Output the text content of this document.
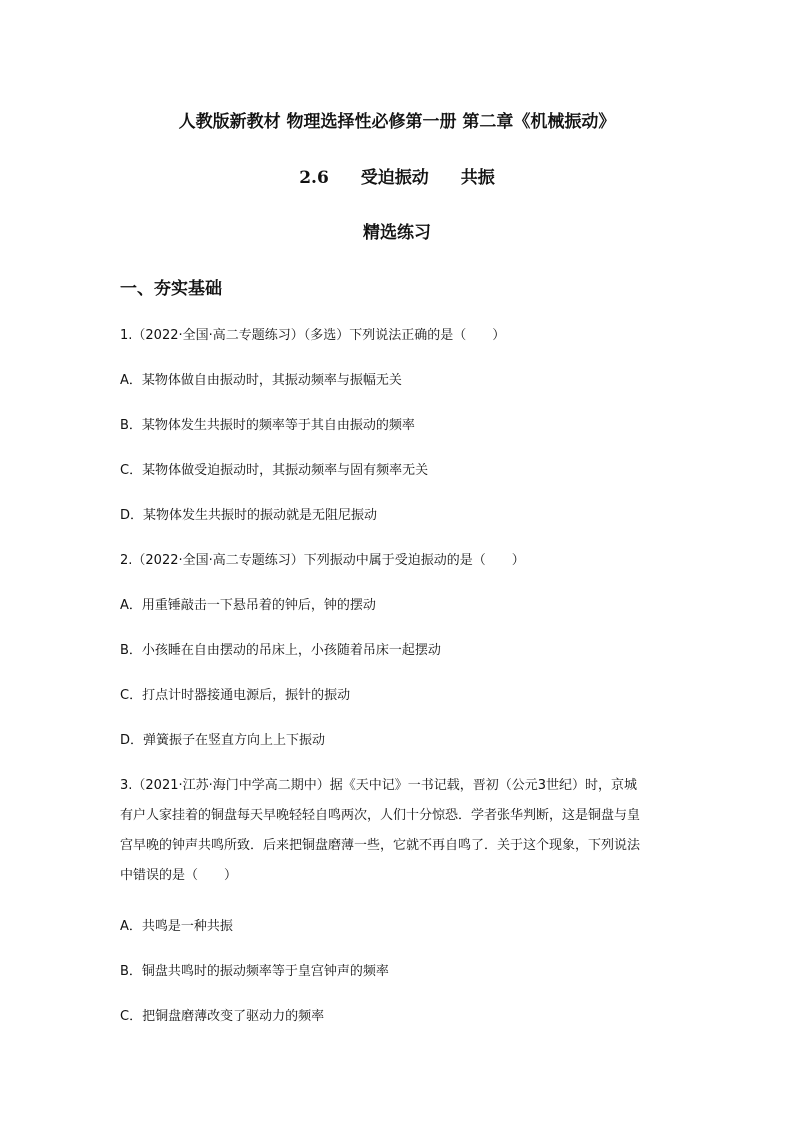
人教版新教材 物理选择性必修第一册 第二章《机械振动》
2.6 受迫振动 共振
精选练习
一、夯实基础
1.（2022·全国·高二专题练习）（多选）下列说法正确的是（　　）
A．某物体做自由振动时，其振动频率与振幅无关
B．某物体发生共振时的频率等于其自由振动的频率
C．某物体做受迫振动时，其振动频率与固有频率无关
D．某物体发生共振时的振动就是无阻尼振动
2.（2022·全国·高二专题练习）下列振动中属于受迫振动的是（　　）
A．用重锤敲击一下悬吊着的钟后，钟的摆动
B．小孩睡在自由摆动的吊床上，小孩随着吊床一起摆动
C．打点计时器接通电源后，振针的振动
D．弹簧振子在竖直方向上上下振动
3.（2021·江苏·海门中学高二期中）据《天中记》一书记载，晋初（公元3世纪）时，京城
有户人家挂着的铜盘每天早晚轻轻自鸣两次，人们十分惊恐．学者张华判断，这是铜盘与皇
宫早晚的钟声共鸣所致．后来把铜盘磨薄一些，它就不再自鸣了．关于这个现象，下列说法
中错误的是（　　）
A．共鸣是一种共振
B．铜盘共鸣时的振动频率等于皇宫钟声的频率
C．把铜盘磨薄改变了驱动力的频率
